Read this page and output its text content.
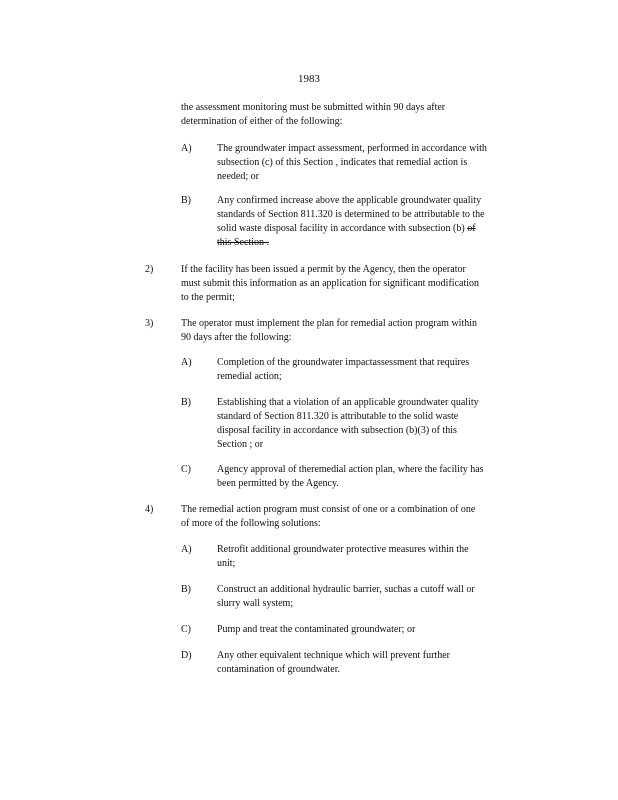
1983
the assessment monitoring must be submitted within 90 days after
determination of either of the following:
A)	The groundwater impact assessment, performed in accordance with
subsection (c) of this Section , indicates that remedial action is
needed; or
B)	Any confirmed increase above the applicable groundwater quality
standards of Section 811.320 is determined to be attributable to the
solid waste disposal facility in accordance with subsection (b) of
this Section .
2)	If the facility has been issued a permit by the Agency, then the operator
must submit this information as an application for significant modification
to the permit;
3)	The operator must implement the plan for remedial action program within
90 days after the following:
A)	Completion of the groundwater impactassessment that requires
remedial action;
B)	Establishing that a violation of an applicable groundwater quality
standard of Section 811.320 is attributable to the solid waste
disposal facility in accordance with subsection (b)(3) of this
Section ; or
C)	Agency approval of theremedial action plan, where the facility has
been permitted by the Agency.
4)	The remedial action program must consist of one or a combination of one
of more of the following solutions:
A)	Retrofit additional groundwater protective measures within the
unit;
B)	Construct an additional hydraulic barrier, suchas a cutoff wall or
slurry wall system;
C)	Pump and treat the contaminated groundwater; or
D)	Any other equivalent technique which will prevent further
contamination of groundwater.
